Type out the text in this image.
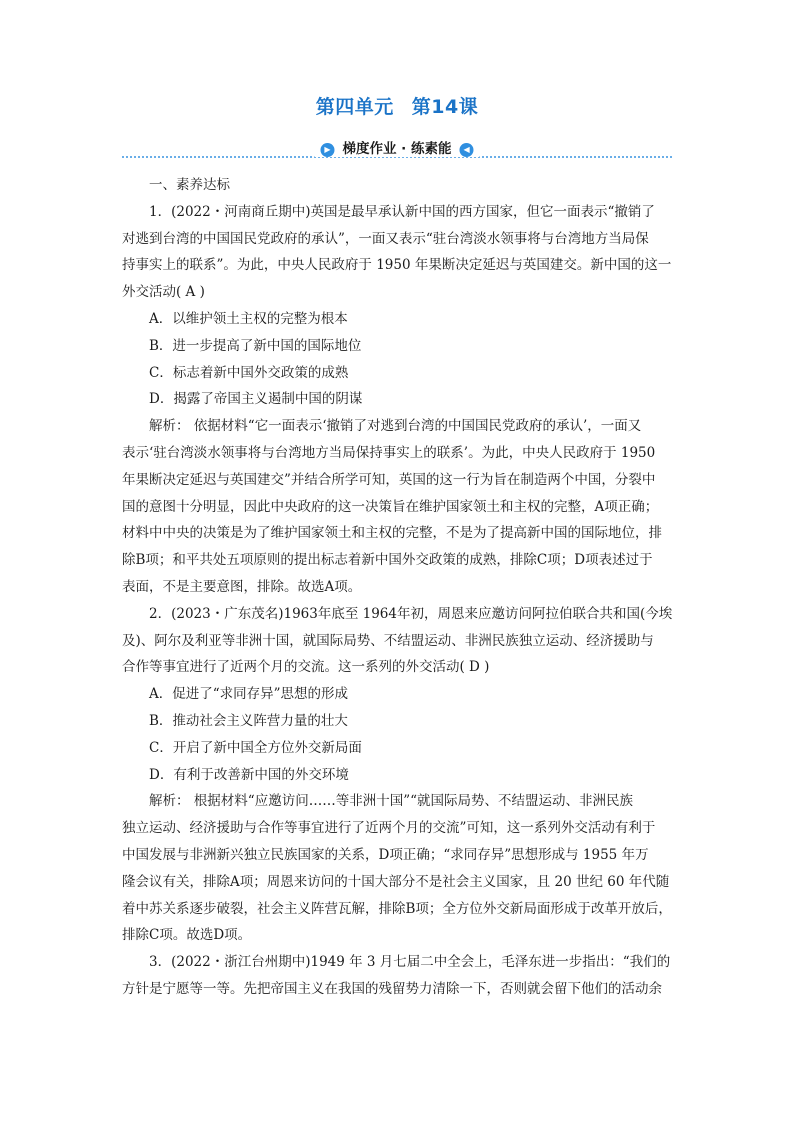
第四单元 第14课
▶ 梯度作业 · 练素能 ◀
一、素养达标
1．(2022・河南商丘期中)英国是最早承认新中国的西方国家，但它一面表示“撤销了
对逃到台湾的中国国民党政府的承认”，一面又表示“驻台湾淡水领事将与台湾地方当局保
持事实上的联系”。为此，中央人民政府于 1950 年果断决定延迟与英国建交。新中国的这一
外交活动( A )
A．以维护领土主权的完整为根本
B．进一步提高了新中国的国际地位
C．标志着新中国外交政策的成熟
D．揭露了帝国主义遏制中国的阴谋
解析： 依据材料“它一面表示‘撤销了对逃到台湾的中国国民党政府的承认’，一面又
表示‘驻台湾淡水领事将与台湾地方当局保持事实上的联系’。为此，中央人民政府于 1950
年果断决定延迟与英国建交”并结合所学可知，英国的这一行为旨在制造两个中国，分裂中
国的意图十分明显，因此中央政府的这一决策旨在维护国家领土和主权的完整，A项正确；
材料中中央的决策是为了维护国家领土和主权的完整，不是为了提高新中国的国际地位，排
除B项；和平共处五项原则的提出标志着新中国外交政策的成熟，排除C项；D项表述过于
表面，不是主要意图，排除。故选A项。
2．(2023・广东茂名)1963年底至 1964年初，周恩来应邀访问阿拉伯联合共和国(今埃
及)、阿尔及利亚等非洲十国，就国际局势、不结盟运动、非洲民族独立运动、经济援助与
合作等事宜进行了近两个月的交流。这一系列的外交活动( D )
A．促进了“求同存异”思想的形成
B．推动社会主义阵营力量的壮大
C．开启了新中国全方位外交新局面
D．有利于改善新中国的外交环境
解析： 根据材料“应邀访问……等非洲十国”“就国际局势、不结盟运动、非洲民族
独立运动、经济援助与合作等事宜进行了近两个月的交流”可知，这一系列外交活动有利于
中国发展与非洲新兴独立民族国家的关系，D项正确；“求同存异”思想形成与 1955 年万
隆会议有关，排除A项；周恩来访问的十国大部分不是社会主义国家，且 20 世纪 60 年代随
着中苏关系逐步破裂，社会主义阵营瓦解，排除B项；全方位外交新局面形成于改革开放后，
排除C项。故选D项。
3．(2022・浙江台州期中)1949 年 3 月七届二中全会上，毛泽东进一步指出：“我们的
方针是宁愿等一等。先把帝国主义在我国的残留势力清除一下，否则就会留下他们的活动余
